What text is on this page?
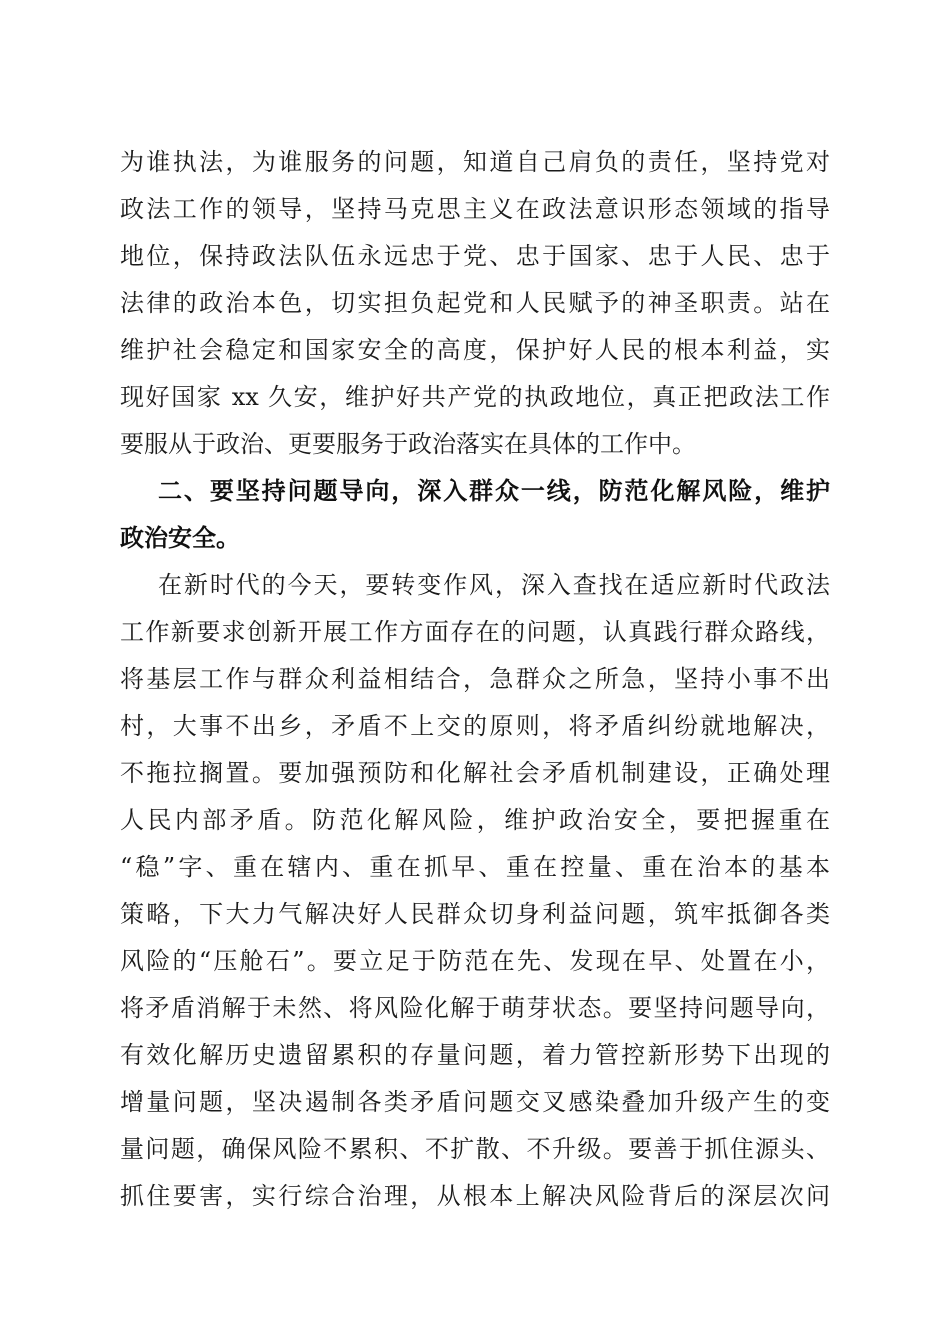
为谁执法，为谁服务的问题，知道自己肩负的责任，坚持党对
政法工作的领导，坚持马克思主义在政法意识形态领域的指导
地位，保持政法队伍永远忠于党、忠于国家、忠于人民、忠于
法律的政治本色，切实担负起党和人民赋予的神圣职责。站在
维护社会稳定和国家安全的高度，保护好人民的根本利益，实
现好国家 xx 久安，维护好共产党的执政地位，真正把政法工作
要服从于政治、更要服务于政治落实在具体的工作中。
二、要坚持问题导向，深入群众一线，防范化解风险，维护
政治安全。
在新时代的今天，要转变作风，深入查找在适应新时代政法
工作新要求创新开展工作方面存在的问题，认真践行群众路线，
将基层工作与群众利益相结合，急群众之所急，坚持小事不出
村，大事不出乡，矛盾不上交的原则，将矛盾纠纷就地解决，
不拖拉搁置。要加强预防和化解社会矛盾机制建设，正确处理
人民内部矛盾。防范化解风险，维护政治安全，要把握重在
“稳”字、重在辖内、重在抓早、重在控量、重在治本的基本
策略，下大力气解决好人民群众切身利益问题，筑牢抵御各类
风险的“压舱石”。要立足于防范在先、发现在早、处置在小，
将矛盾消解于未然、将风险化解于萌芽状态。要坚持问题导向，
有效化解历史遗留累积的存量问题，着力管控新形势下出现的
增量问题，坚决遏制各类矛盾问题交叉感染叠加升级产生的变
量问题，确保风险不累积、不扩散、不升级。要善于抓住源头、
抓住要害，实行综合治理，从根本上解决风险背后的深层次问
